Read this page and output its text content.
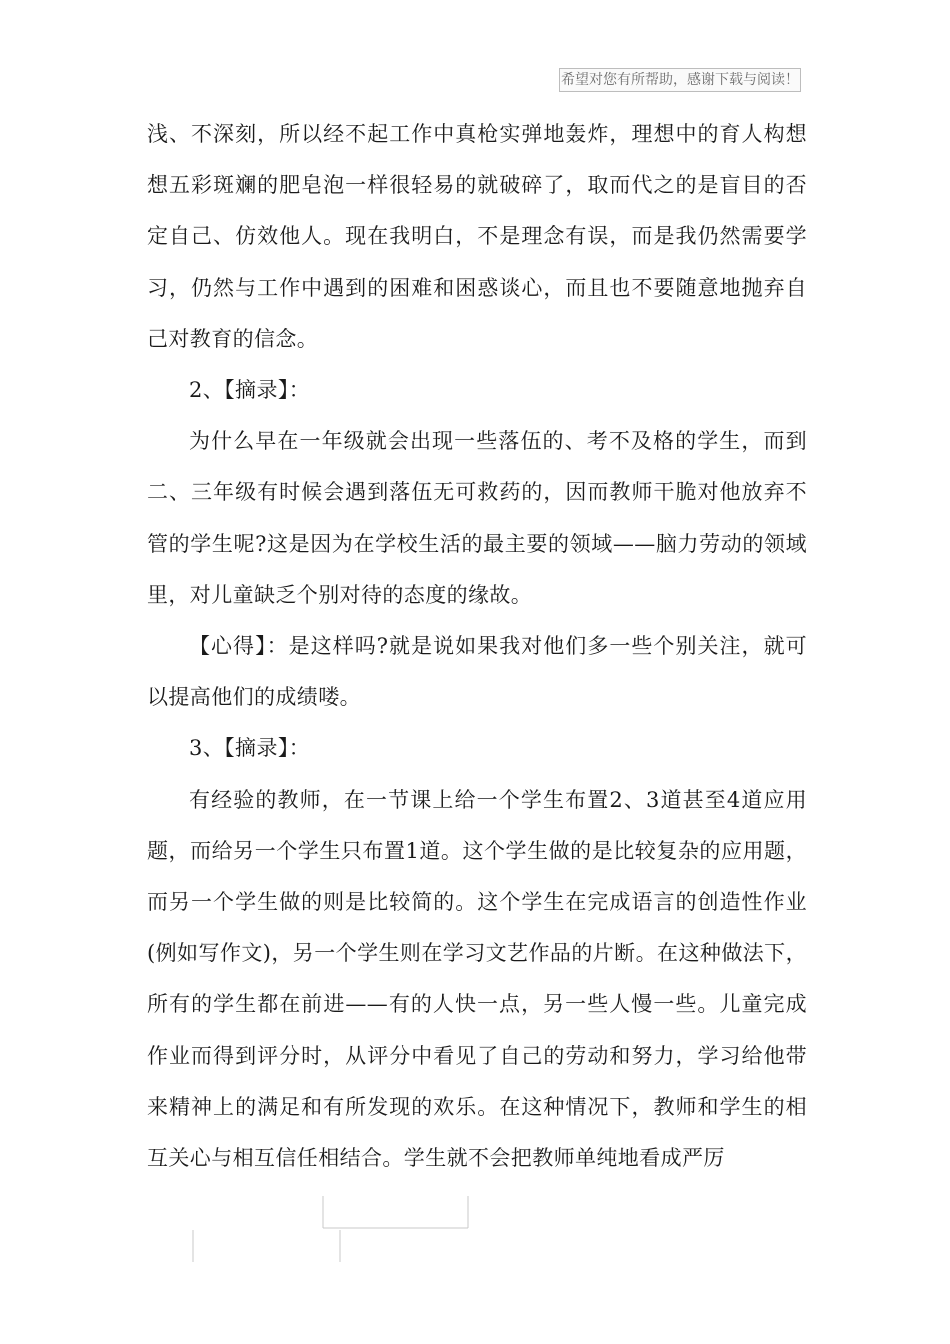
希望对您有所帮助，感谢下载与阅读！

浅、不深刻，所以经不起工作中真枪实弹地轰炸，理想中的育人构想想五彩斑斓的肥皂泡一样很轻易的就破碎了，取而代之的是盲目的否定自己、仿效他人。现在我明白，不是理念有误，而是我仍然需要学习，仍然与工作中遇到的困难和困惑谈心，而且也不要随意地抛弃自己对教育的信念。

2、【摘录】：

为什么早在一年级就会出现一些落伍的、考不及格的学生，而到二、三年级有时候会遇到落伍无可救药的，因而教师干脆对他放弃不管的学生呢?这是因为在学校生活的最主要的领域——脑力劳动的领域里，对儿童缺乏个别对待的态度的缘故。

【心得】：是这样吗?就是说如果我对他们多一些个别关注，就可以提高他们的成绩喽。

3、【摘录】：

有经验的教师，在一节课上给一个学生布置2、3道甚至4道应用题，而给另一个学生只布置1道。这个学生做的是比较复杂的应用题，而另一个学生做的则是比较简的。这个学生在完成语言的创造性作业(例如写作文)，另一个学生则在学习文艺作品的片断。在这种做法下，所有的学生都在前进——有的人快一点，另一些人慢一些。儿童完成作业而得到评分时，从评分中看见了自己的劳动和努力，学习给他带来精神上的满足和有所发现的欢乐。在这种情况下，教师和学生的相互关心与相互信任相结合。学生就不会把教师单纯地看成严厉
